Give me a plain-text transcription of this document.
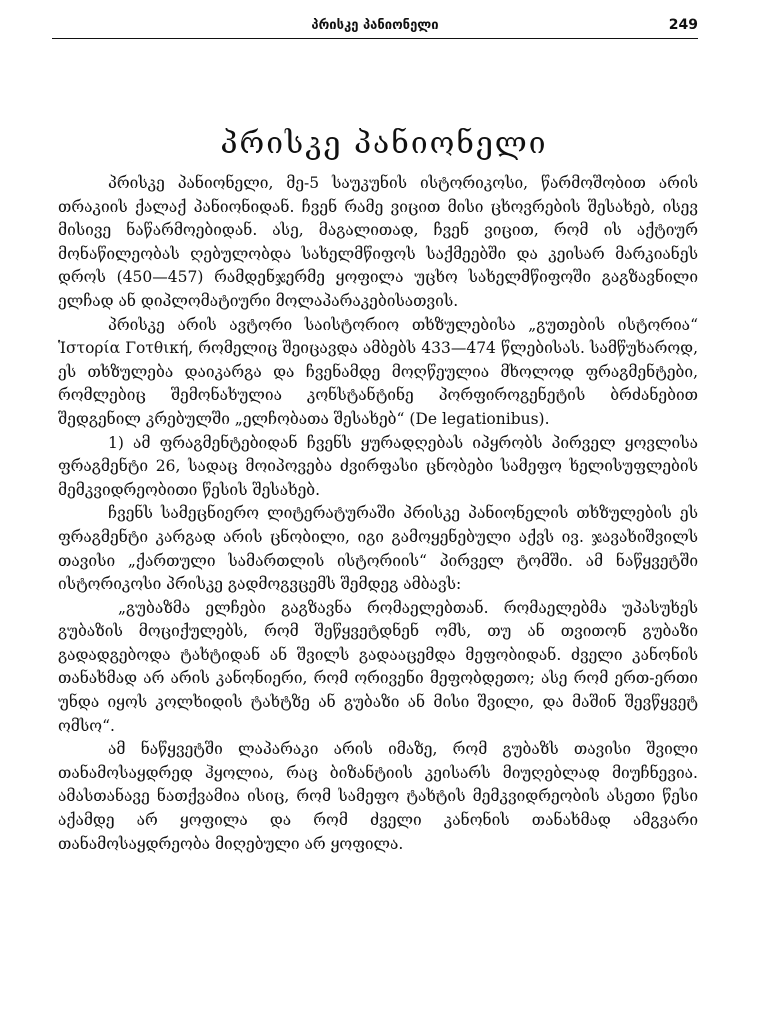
პრისკე პანიონელი	249
პრისკე პანიონელი

პრისკე პანიონელი, მე-5 საუკუნის ისტორიკოსი, წარმოშობით არის თრაკიის ქალაქ პანიონიდან. ჩვენ რამე ვიცით მისი ცხოვრების შესახებ, ისევ მისივე ნაწარმოებიდან. ასე, მაგალითად, ჩვენ ვიცით, რომ ის აქტიურ მონაწილეობას ღებულობდა სახელმწიფოს საქმეებში და კეისარ მარკიანეს დროს (450—457) რამდენჯერმე ყოფილა უცხო სახელმწიფოში გაგზავნილი ელჩად ან დიპლომატიური მოლაპარაკებისათვის.

პრისკე არის ავტორი საისტორიო თხზულებისა „გუთების ისტორია“ Ἱστορία Γοτθική, რომელიც შეიცავდა ამბებს 433—474 წლებისას. სამწუხაროდ, ეს თხზულება დაიკარგა და ჩვენამდე მოღწეულია მხოლოდ ფრაგმენტები, რომლებიც შემონახულია კონსტანტინე პორფიროგენეტის ბრძანებით შედგენილ კრებულში „ელჩობათა შესახებ“ (De legationibus).

1) ამ ფრაგმენტებიდან ჩვენს ყურადღებას იპყრობს პირველ ყოვლისა ფრაგმენტი 26, სადაც მოიპოვება ძვირფასი ცნობები სამეფო ხელისუფლების მემკვიდრეობითი წესის შესახებ.

ჩვენს სამეცნიერო ლიტერატურაში პრისკე პანიონელის თხზულების ეს ფრაგმენტი კარგად არის ცნობილი, იგი გამოყენებული აქვს ივ. ჯავახიშვილს თავისი „ქართული სამართლის ისტორიის“ პირველ ტომში. ამ ნაწყვეტში ისტორიკოსი პრისკე გადმოგვცემს შემდეგ ამბავს:

„გუბაზმა ელჩები გაგზავნა რომაელებთან. რომაელებმა უპასუხეს გუბაზის მოციქულებს, რომ შეწყვეტდნენ ომს, თუ ან თვითონ გუბაზი გადადგებოდა ტახტიდან ან შვილს გადააცემდა მეფობიდან. ძველი კანონის თანახმად არ არის კანონიერი, რომ ორივენი მეფობდეთო; ასე რომ ერთ-ერთი უნდა იყოს კოლხიდის ტახტზე ან გუბაზი ან მისი შვილი, და მაშინ შევწყვეტ ომსო“.

ამ ნაწყვეტში ლაპარაკი არის იმაზე, რომ გუბაზს თავისი შვილი თანამოსაყდრედ ჰყოლია, რაც ბიზანტიის კეისარს მიუღებლად მიუჩნევია. ამასთანავე ნათქვამია ისიც, რომ სამეფო ტახტის მემკვიდრეობის ასეთი წესი აქამდე არ ყოფილა და რომ ძველი კანონის თანახმად ამგვარი თანამოსაყდრეობა მიღებული არ ყოფილა.
